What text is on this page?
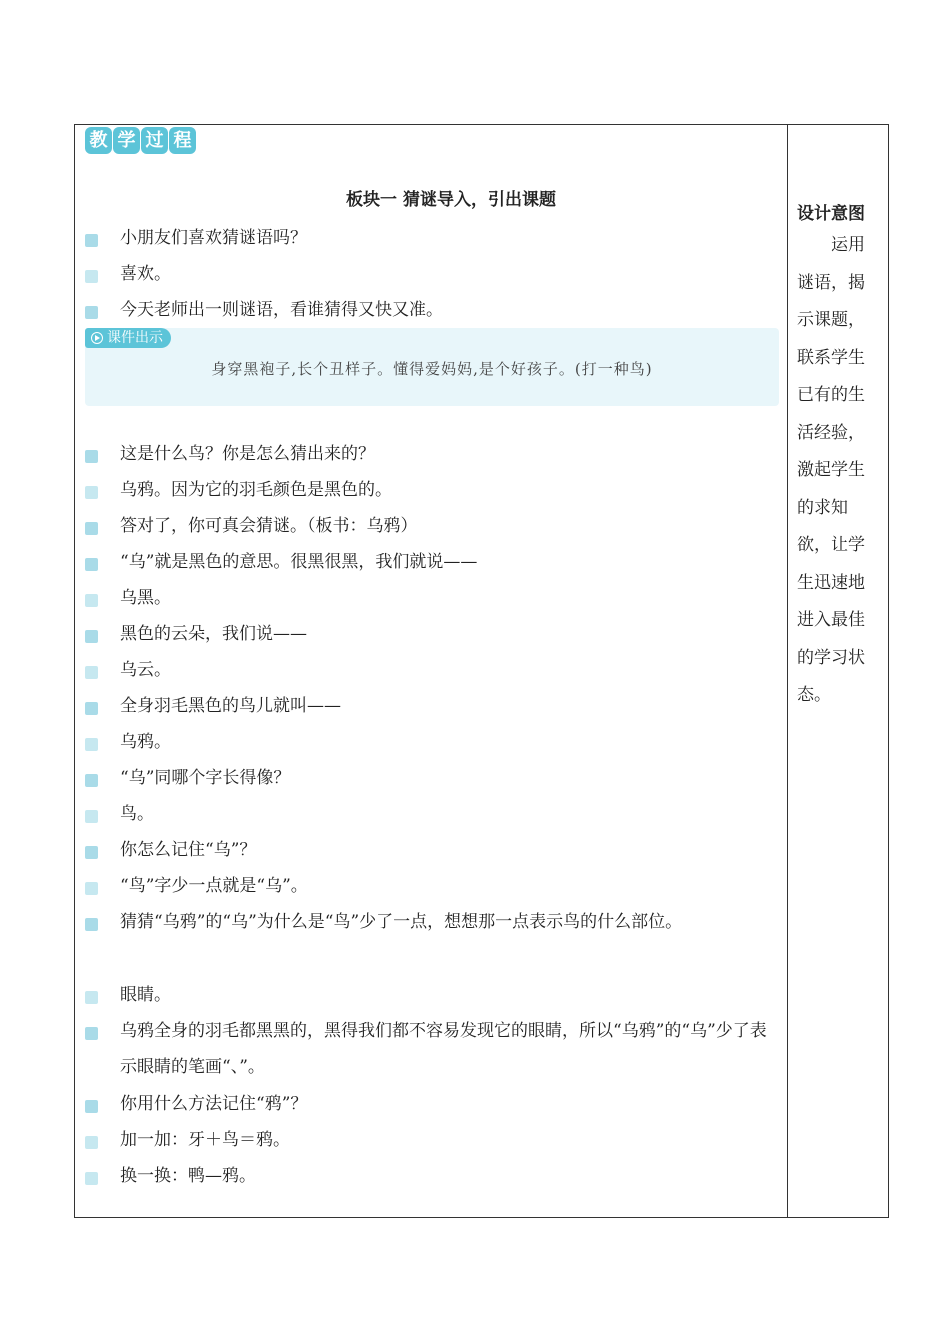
教 学 过 程
板块一 猜谜导入，引出课题
小朋友们喜欢猜谜语吗？
喜欢。
今天老师出一则谜语，看谁猜得又快又准。
课件出示
身穿黑袍子,长个丑样子。懂得爱妈妈,是个好孩子。(打一种鸟)
这是什么鸟？你是怎么猜出来的？
乌鸦。因为它的羽毛颜色是黑色的。
答对了，你可真会猜谜。（板书：乌鸦）
“乌”就是黑色的意思。很黑很黑，我们就说——
乌黑。
黑色的云朵，我们说——
乌云。
全身羽毛黑色的鸟儿就叫——
乌鸦。
“乌”同哪个字长得像？
鸟。
你怎么记住“乌”？
“鸟”字少一点就是“乌”。
猜猜“乌鸦”的“乌”为什么是“鸟”少了一点，想想那一点表示鸟的什么部位。
眼睛。
乌鸦全身的羽毛都黑黑的，黑得我们都不容易发现它的眼睛，所以“乌鸦”的“乌”少了表示眼睛的笔画“、”。
你用什么方法记住“鸦”？
加一加：牙＋鸟＝鸦。
换一换：鸭—鸦。
设计意图
运用谜语，揭示课题，联系学生已有的生活经验，激起学生的求知欲，让学生迅速地进入最佳的学习状态。
